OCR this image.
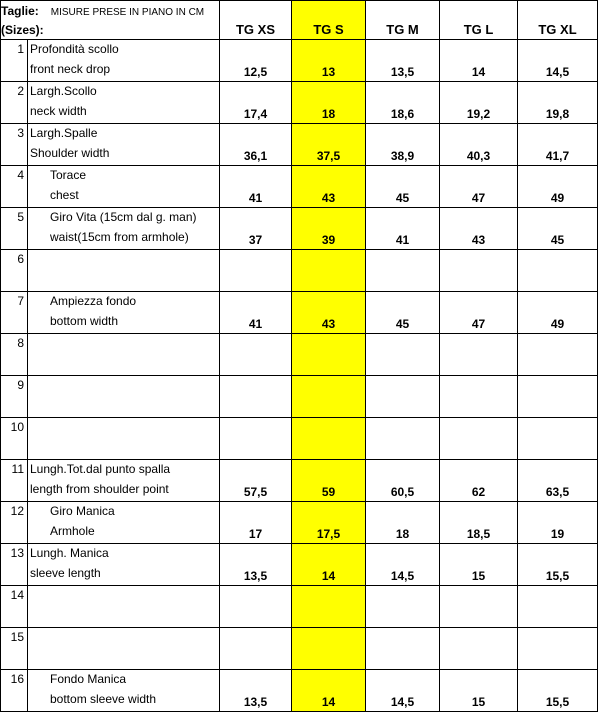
Taglie: MISURE PRESE IN PIANO IN CM						
(Sizes):		TG XS	TG S	TG M	TG L	TG XL
1	Profondità scollo
front neck drop	12,5	13	13,5	14	14,5
2	Largh.Scollo
neck width	17,4	18	18,6	19,2	19,8
3	Largh.Spalle
Shoulder width	36,1	37,5	38,9	40,3	41,7
4	Torace
chest	41	43	45	47	49
5	Giro Vita (15cm dal g. man)
waist(15cm from armhole)	37	39	41	43	45
6	

7	Ampiezza fondo
bottom width	41	43	45	47	49
8	

9	

10	

11	Lungh.Tot.dal punto spalla
length from shoulder point	57,5	59	60,5	62	63,5
12	Giro Manica
Armhole	17	17,5	18	18,5	19
13	Lungh. Manica
sleeve length	13,5	14	14,5	15	15,5
14	

15	

16	Fondo Manica
bottom sleeve width	13,5	14	14,5	15	15,5
